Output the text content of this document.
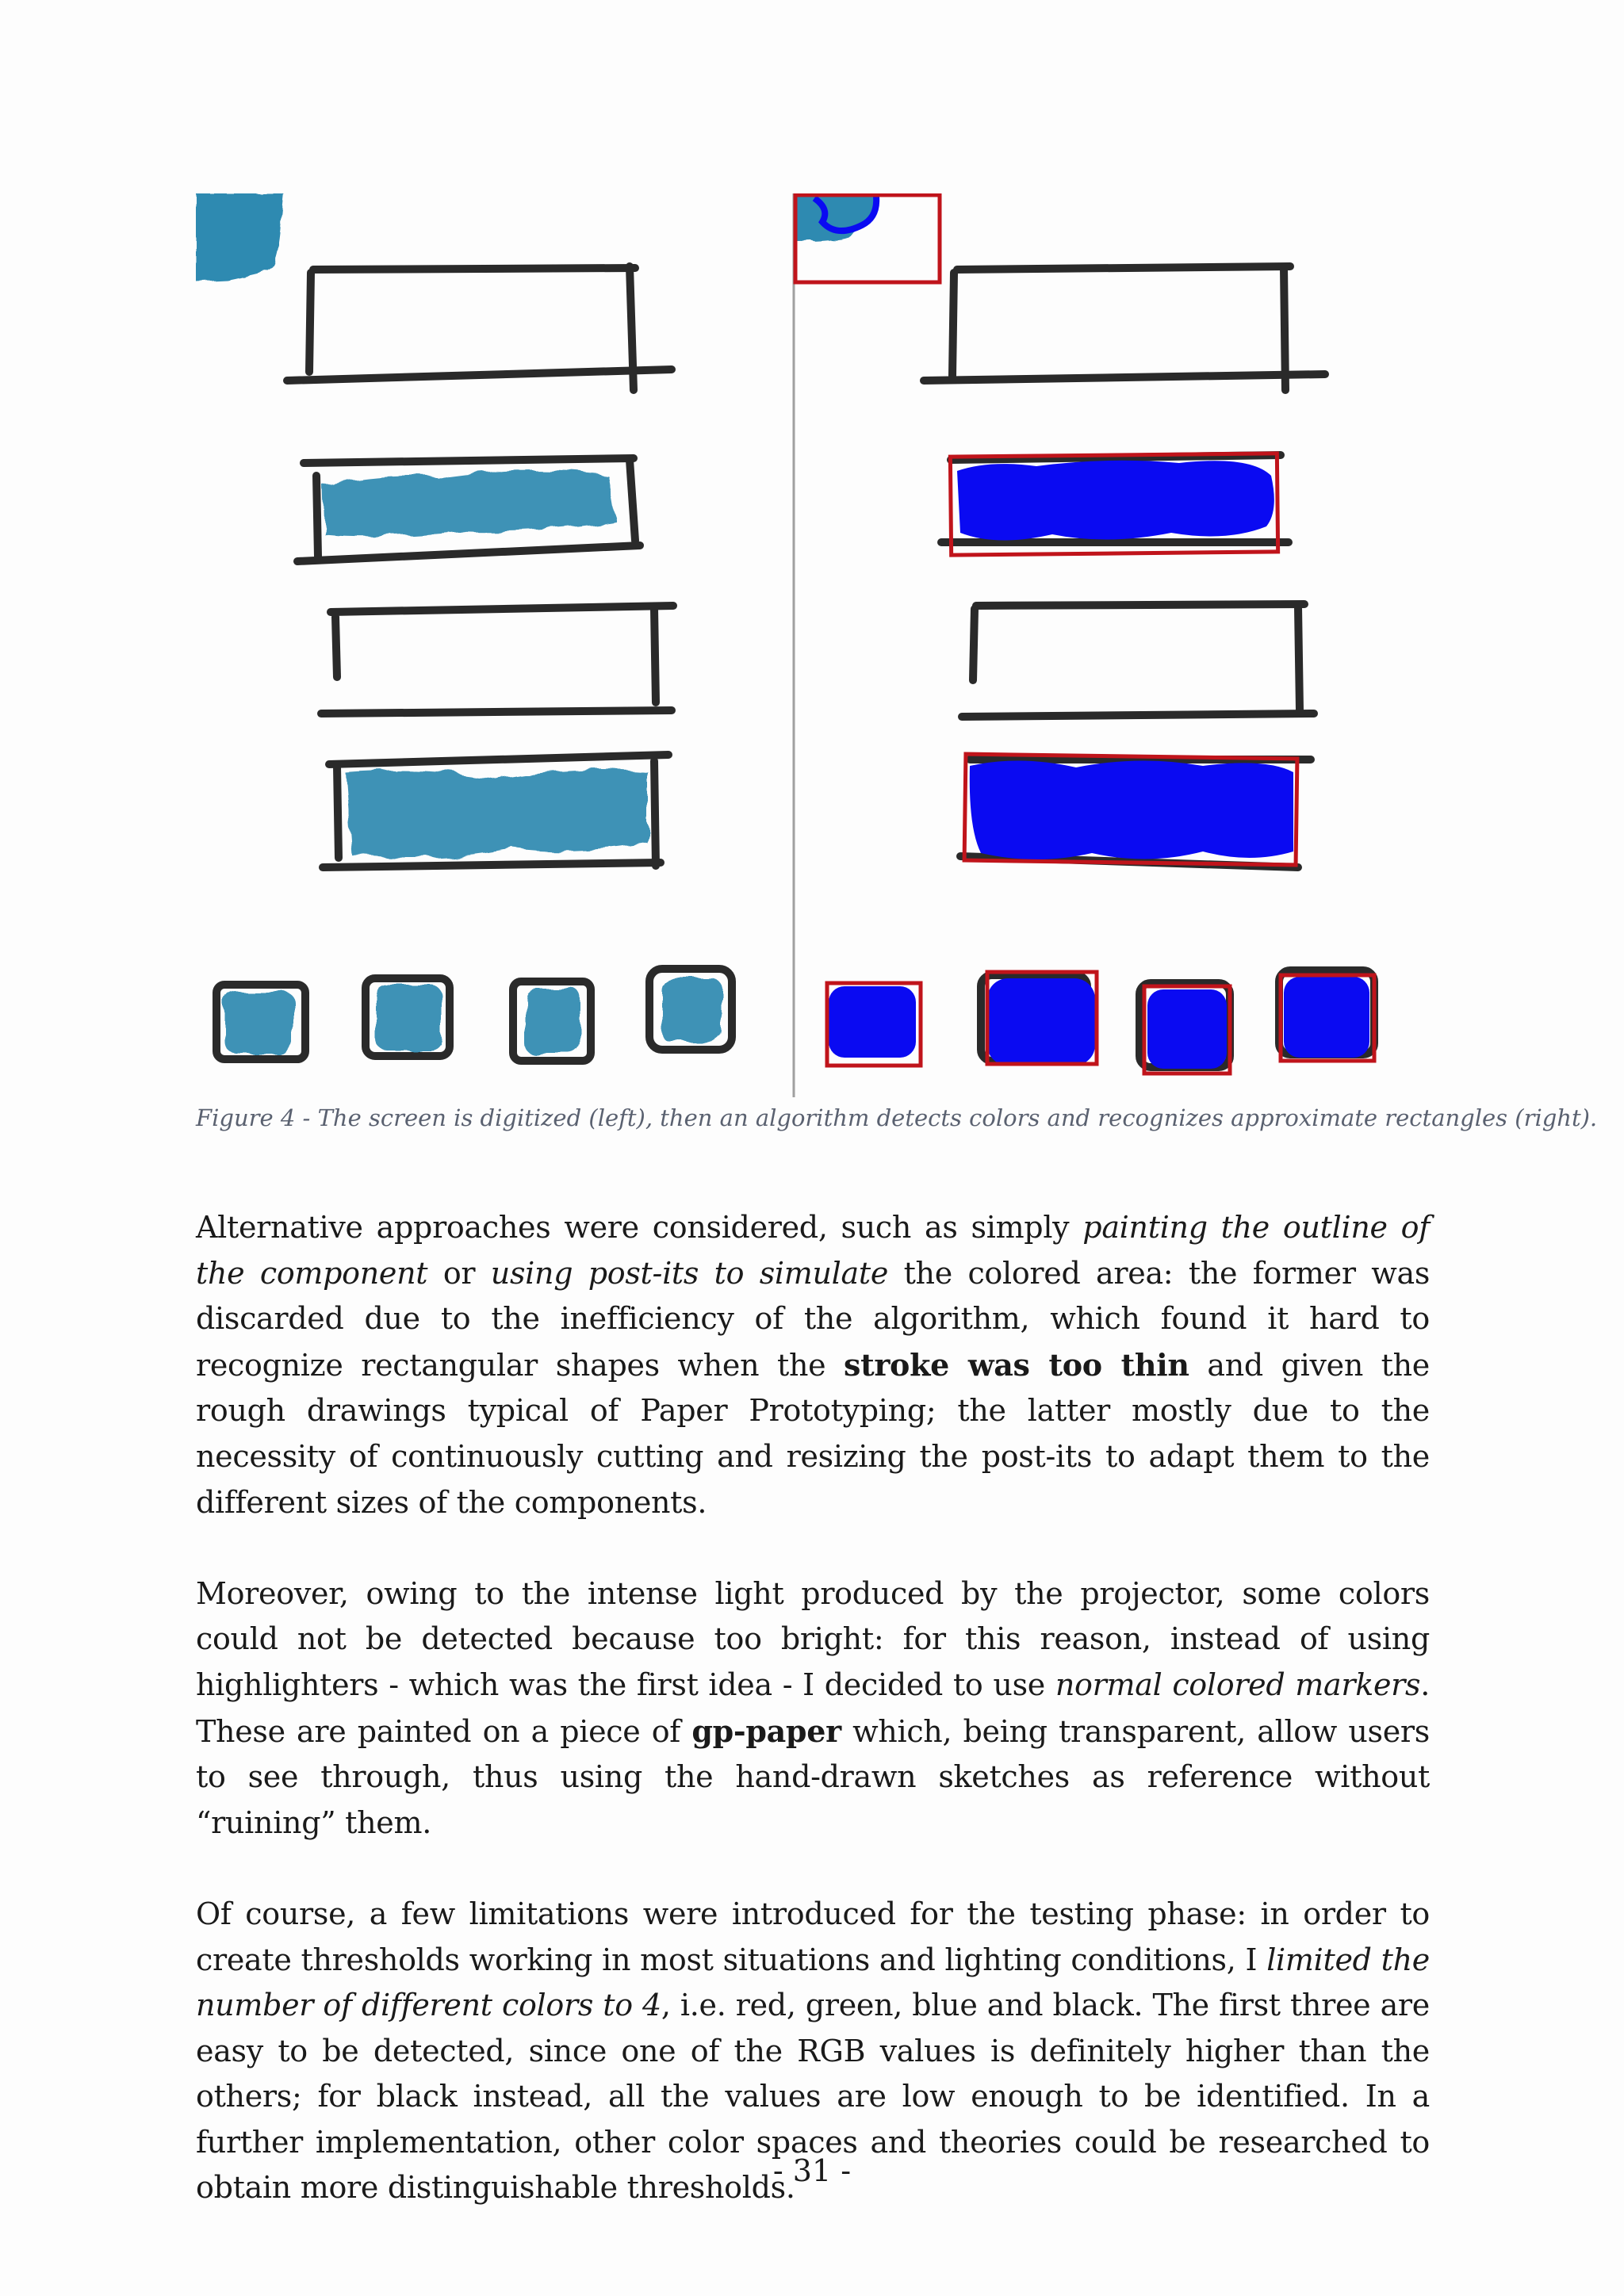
Figure 4 - The screen is digitized (left), then an algorithm detects colors and recognizes approximate rectangles (right).

Alternative approaches were considered, such as simply painting the outline of the component or using post-its to simulate the colored area: the former was discarded due to the inefficiency of the algorithm, which found it hard to recognize rectangular shapes when the stroke was too thin and given the rough drawings typical of Paper Prototyping; the latter mostly due to the necessity of continuously cutting and resizing the post-its to adapt them to the different sizes of the components.

Moreover, owing to the intense light produced by the projector, some colors could not be detected because too bright: for this reason, instead of using highlighters - which was the first idea - I decided to use normal colored markers. These are painted on a piece of gp-paper which, being transparent, allow users to see through, thus using the hand-drawn sketches as reference without “ruining” them.

Of course, a few limitations were introduced for the testing phase: in order to create thresholds working in most situations and lighting conditions, I limited the number of different colors to 4, i.e. red, green, blue and black. The first three are easy to be detected, since one of the RGB values is definitely higher than the others; for black instead, all the values are low enough to be identified. In a further implementation, other color spaces and theories could be researched to obtain more distinguishable thresholds.

- 31 -
